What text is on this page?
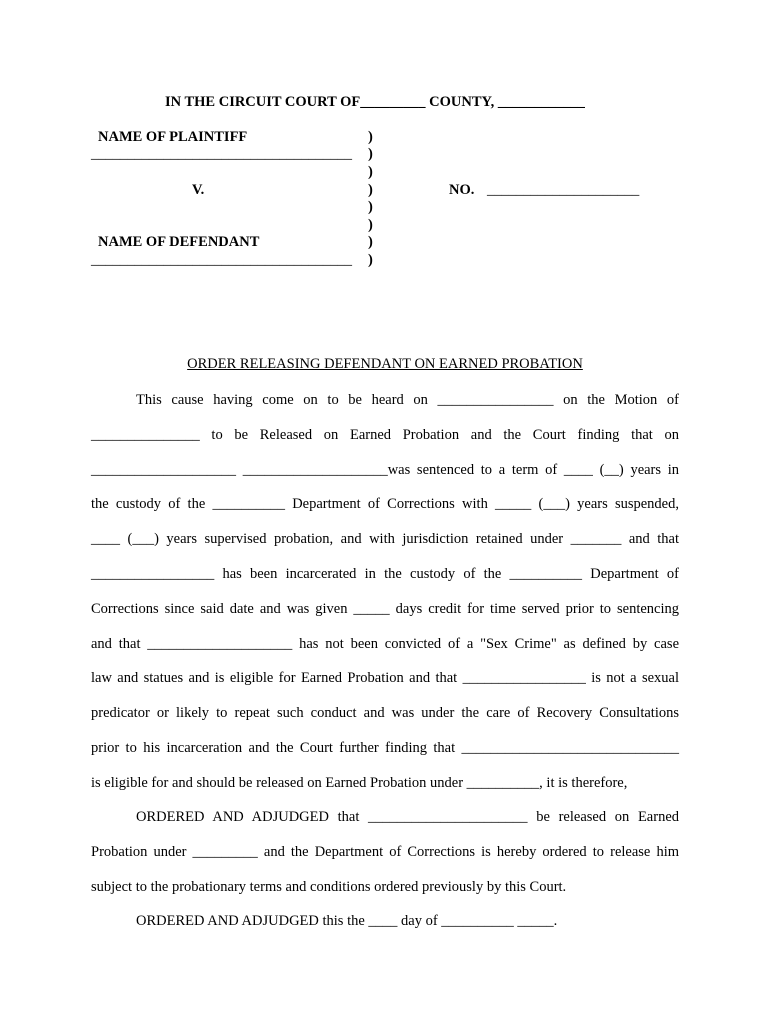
IN THE CIRCUIT COURT OF_________ COUNTY, ____________
NAME OF PLAINTIFF
____________________________________
V.	NO. _____________________
NAME OF DEFENDANT
____________________________________
)
)
)
)
)
)
)
)
ORDER RELEASING DEFENDANT ON EARNED PROBATION
This cause having come on to be heard on ________________ on the Motion of
_______________ to be Released on Earned Probation and the Court finding that on
____________________ ____________________was sentenced to a term of ____ (__) years in
the custody of the __________ Department of Corrections with _____ (___) years suspended,
____ (___) years supervised probation, and with jurisdiction retained under _______ and that
_________________ has been incarcerated in the custody of the __________ Department of
Corrections since said date and was given _____ days credit for time served prior to sentencing
and that ____________________ has not been convicted of a "Sex Crime" as defined by case
law and statues and is eligible for Earned Probation and that _________________ is not a sexual
predicator or likely to repeat such conduct and was under the care of Recovery Consultations
prior to his incarceration and the Court further finding that ______________________________
is eligible for and should be released on Earned Probation under __________, it is therefore,
ORDERED AND ADJUDGED that ______________________ be released on Earned
Probation under _________ and the Department of Corrections is hereby ordered to release him
subject to the probationary terms and conditions ordered previously by this Court.
ORDERED AND ADJUDGED this the ____ day of __________ _____.
